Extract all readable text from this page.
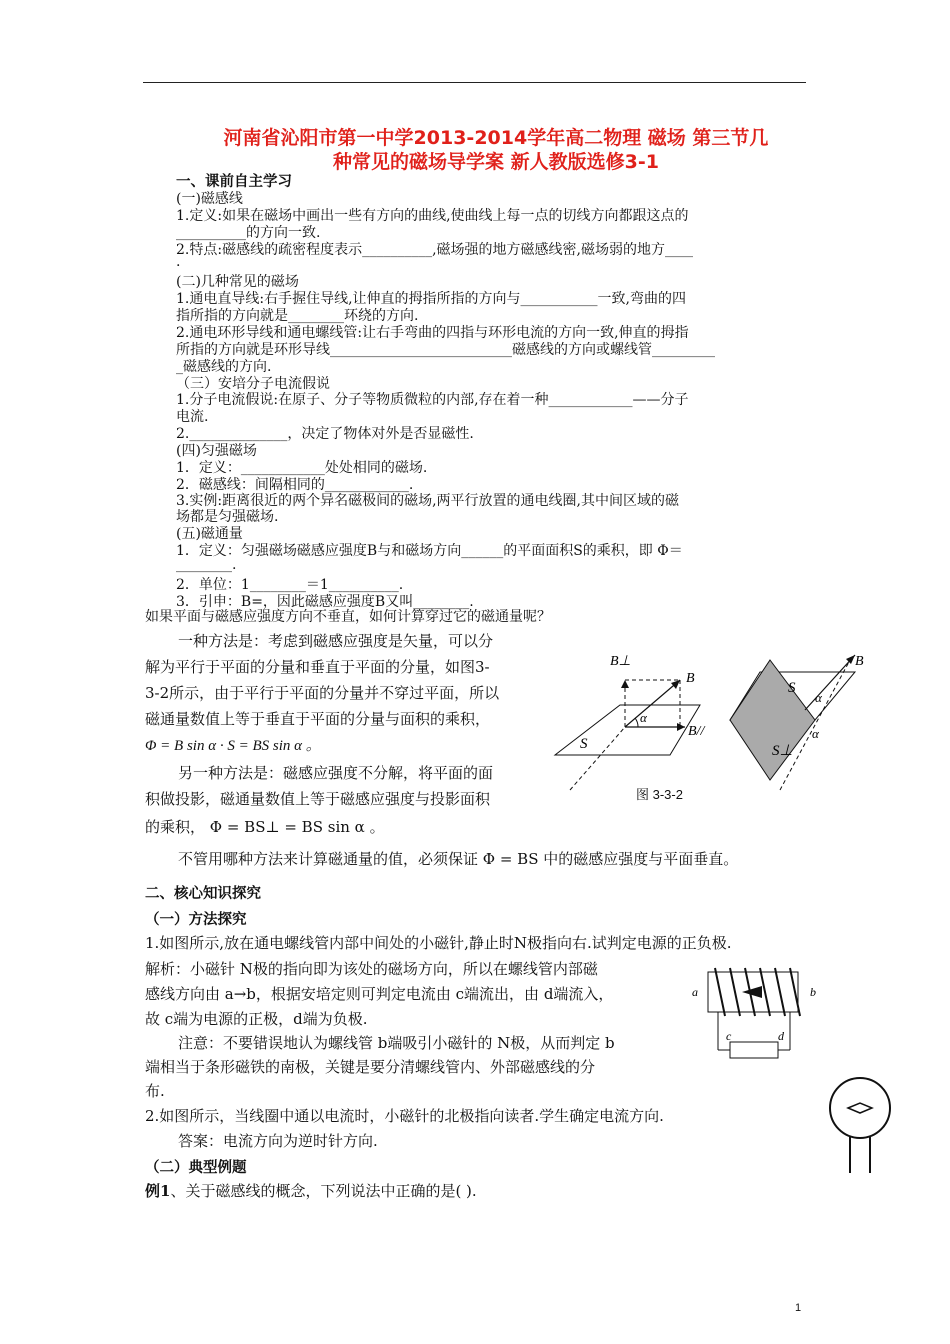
河南省沁阳市第一中学2013-2014学年高二物理 磁场 第三节几
种常见的磁场导学案 新人教版选修3-1
一、课前自主学习
(一)磁感线
1.定义:如果在磁场中画出一些有方向的曲线,使曲线上每一点的切线方向都跟这点的
__________的方向一致.
2.特点:磁感线的疏密程度表示__________,磁场强的地方磁感线密,磁场弱的地方____
.
(二)几种常见的磁场
1.通电直导线:右手握住导线,让伸直的拇指所指的方向与___________一致,弯曲的四
指所指的方向就是________环绕的方向.
2.通电环形导线和通电螺线管:让右手弯曲的四指与环形电流的方向一致,伸直的拇指
所指的方向就是环形导线__________________________磁感线的方向或螺线管_________
_磁感线的方向.
（三）安培分子电流假说
1.分子电流假说:在原子、分子等物质微粒的内部,存在着一种____________——分子
电流.
2.______________，决定了物体对外是否显磁性.
(四)匀强磁场
1．定义：____________处处相同的磁场.
2．磁感线：间隔相同的____________.
3.实例:距离很近的两个异名磁极间的磁场,两平行放置的通电线圈,其中间区域的磁
场都是匀强磁场.
(五)磁通量
1．定义：匀强磁场磁感应强度B与和磁场方向______的平面面积S的乘积，即 Φ＝
________.
2．单位：1________＝1__________.
3．引申：B=，因此磁感应强度B又叫________.
如果平面与磁感应强度方向不垂直，如何计算穿过它的磁通量呢？
一种方法是：考虑到磁感应强度是矢量，可以分
解为平行于平面的分量和垂直于平面的分量，如图3-
3-2所示，由于平行于平面的分量并不穿过平面，所以
磁通量数值上等于垂直于平面的分量与面积的乘积，
Φ = B sin α · S = BS sin α 。
另一种方法是：磁感应强度不分解，将平面的面
积做投影，磁通量数值上等于磁感应强度与投影面积
的乘积， Φ = BS⊥ = BS sin α 。
不管用哪种方法来计算磁通量的值，必须保证 Φ = BS 中的磁感应强度与平面垂直。
B⊥
B
B//
S
α
B
S
α
S⊥
α
图 3-3-2
二、核心知识探究
（一）方法探究
1.如图所示,放在通电螺线管内部中间处的小磁针,静止时N极指向右.试判定电源的正负极.
解析：小磁针 N极的指向即为该处的磁场方向，所以在螺线管内部磁
感线方向由 a→b，根据安培定则可判定电流由 c端流出，由 d端流入，
故 c端为电源的正极，d端为负极.
注意：不要错误地认为螺线管 b端吸引小磁针的 N极，从而判定 b
端相当于条形磁铁的南极，关键是要分清螺线管内、外部磁感线的分
布.
2.如图所示，当线圈中通以电流时，小磁针的北极指向读者.学生确定电流方向.
答案：电流方向为逆时针方向.
（二）典型例题
例1、关于磁感线的概念，下列说法中正确的是( ).
a	b
c	d
1
